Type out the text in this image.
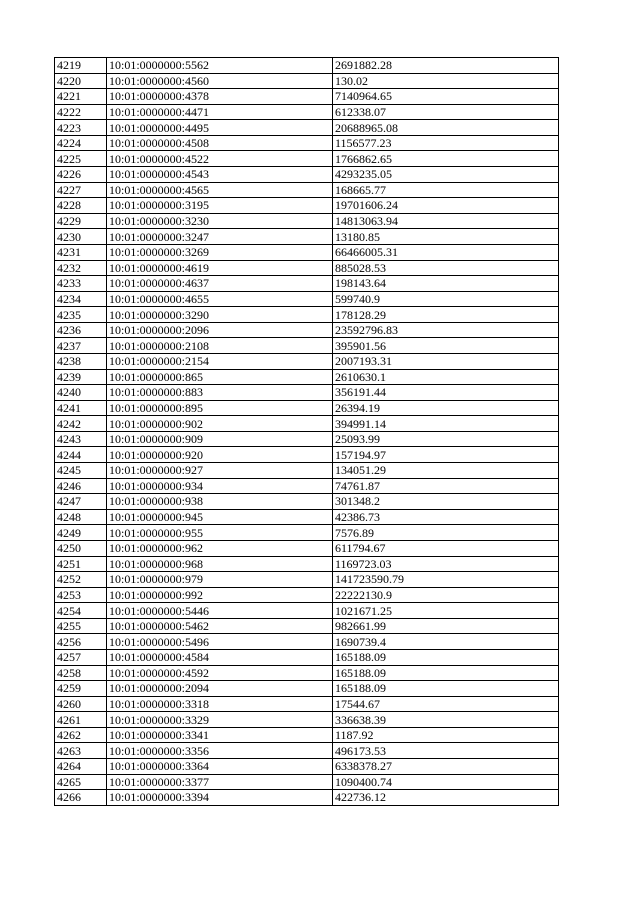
4219	10:01:0000000:5562	2691882.28
4220	10:01:0000000:4560	130.02
4221	10:01:0000000:4378	7140964.65
4222	10:01:0000000:4471	612338.07
4223	10:01:0000000:4495	20688965.08
4224	10:01:0000000:4508	1156577.23
4225	10:01:0000000:4522	1766862.65
4226	10:01:0000000:4543	4293235.05
4227	10:01:0000000:4565	168665.77
4228	10:01:0000000:3195	19701606.24
4229	10:01:0000000:3230	14813063.94
4230	10:01:0000000:3247	13180.85
4231	10:01:0000000:3269	66466005.31
4232	10:01:0000000:4619	885028.53
4233	10:01:0000000:4637	198143.64
4234	10:01:0000000:4655	599740.9
4235	10:01:0000000:3290	178128.29
4236	10:01:0000000:2096	23592796.83
4237	10:01:0000000:2108	395901.56
4238	10:01:0000000:2154	2007193.31
4239	10:01:0000000:865	2610630.1
4240	10:01:0000000:883	356191.44
4241	10:01:0000000:895	26394.19
4242	10:01:0000000:902	394991.14
4243	10:01:0000000:909	25093.99
4244	10:01:0000000:920	157194.97
4245	10:01:0000000:927	134051.29
4246	10:01:0000000:934	74761.87
4247	10:01:0000000:938	301348.2
4248	10:01:0000000:945	42386.73
4249	10:01:0000000:955	7576.89
4250	10:01:0000000:962	611794.67
4251	10:01:0000000:968	1169723.03
4252	10:01:0000000:979	141723590.79
4253	10:01:0000000:992	22222130.9
4254	10:01:0000000:5446	1021671.25
4255	10:01:0000000:5462	982661.99
4256	10:01:0000000:5496	1690739.4
4257	10:01:0000000:4584	165188.09
4258	10:01:0000000:4592	165188.09
4259	10:01:0000000:2094	165188.09
4260	10:01:0000000:3318	17544.67
4261	10:01:0000000:3329	336638.39
4262	10:01:0000000:3341	1187.92
4263	10:01:0000000:3356	496173.53
4264	10:01:0000000:3364	6338378.27
4265	10:01:0000000:3377	1090400.74
4266	10:01:0000000:3394	422736.12
